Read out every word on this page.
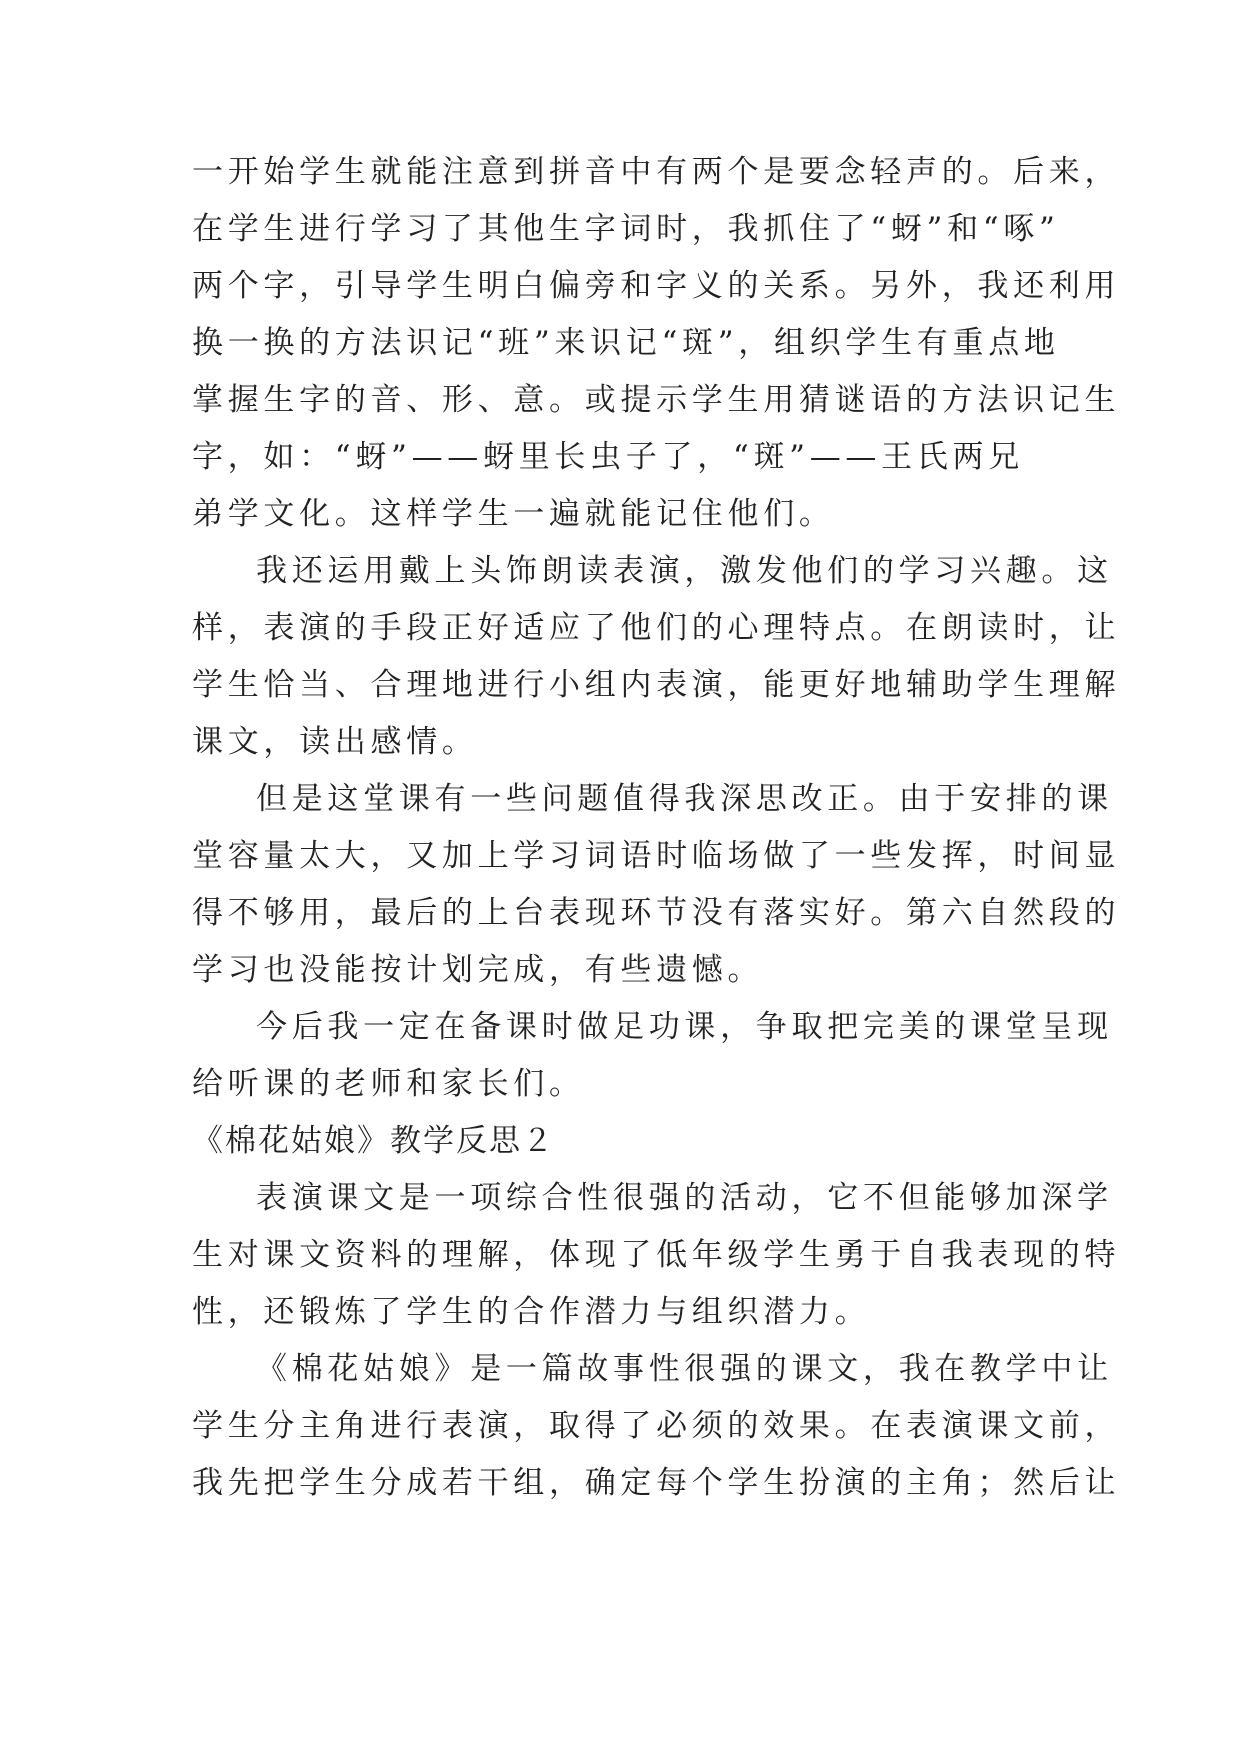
一开始学生就能注意到拼音中有两个是要念轻声的。后来，
在学生进行学习了其他生字词时，我抓住了“蚜”和“啄”
两个字，引导学生明白偏旁和字义的关系。另外，我还利用
换一换的方法识记“班”来识记“斑”，组织学生有重点地
掌握生字的音、形、意。或提示学生用猜谜语的方法识记生
字，如：“蚜”——蚜里长虫子了，“斑”——王氏两兄
弟学文化。这样学生一遍就能记住他们。
我还运用戴上头饰朗读表演，激发他们的学习兴趣。这
样，表演的手段正好适应了他们的心理特点。在朗读时，让
学生恰当、合理地进行小组内表演，能更好地辅助学生理解
课文，读出感情。
但是这堂课有一些问题值得我深思改正。由于安排的课
堂容量太大，又加上学习词语时临场做了一些发挥，时间显
得不够用，最后的上台表现环节没有落实好。第六自然段的
学习也没能按计划完成，有些遗憾。
今后我一定在备课时做足功课，争取把完美的课堂呈现
给听课的老师和家长们。
《棉花姑娘》教学反思２
表演课文是一项综合性很强的活动，它不但能够加深学
生对课文资料的理解，体现了低年级学生勇于自我表现的特
性，还锻炼了学生的合作潜力与组织潜力。
《棉花姑娘》是一篇故事性很强的课文，我在教学中让
学生分主角进行表演，取得了必须的效果。在表演课文前，
我先把学生分成若干组，确定每个学生扮演的主角；然后让
